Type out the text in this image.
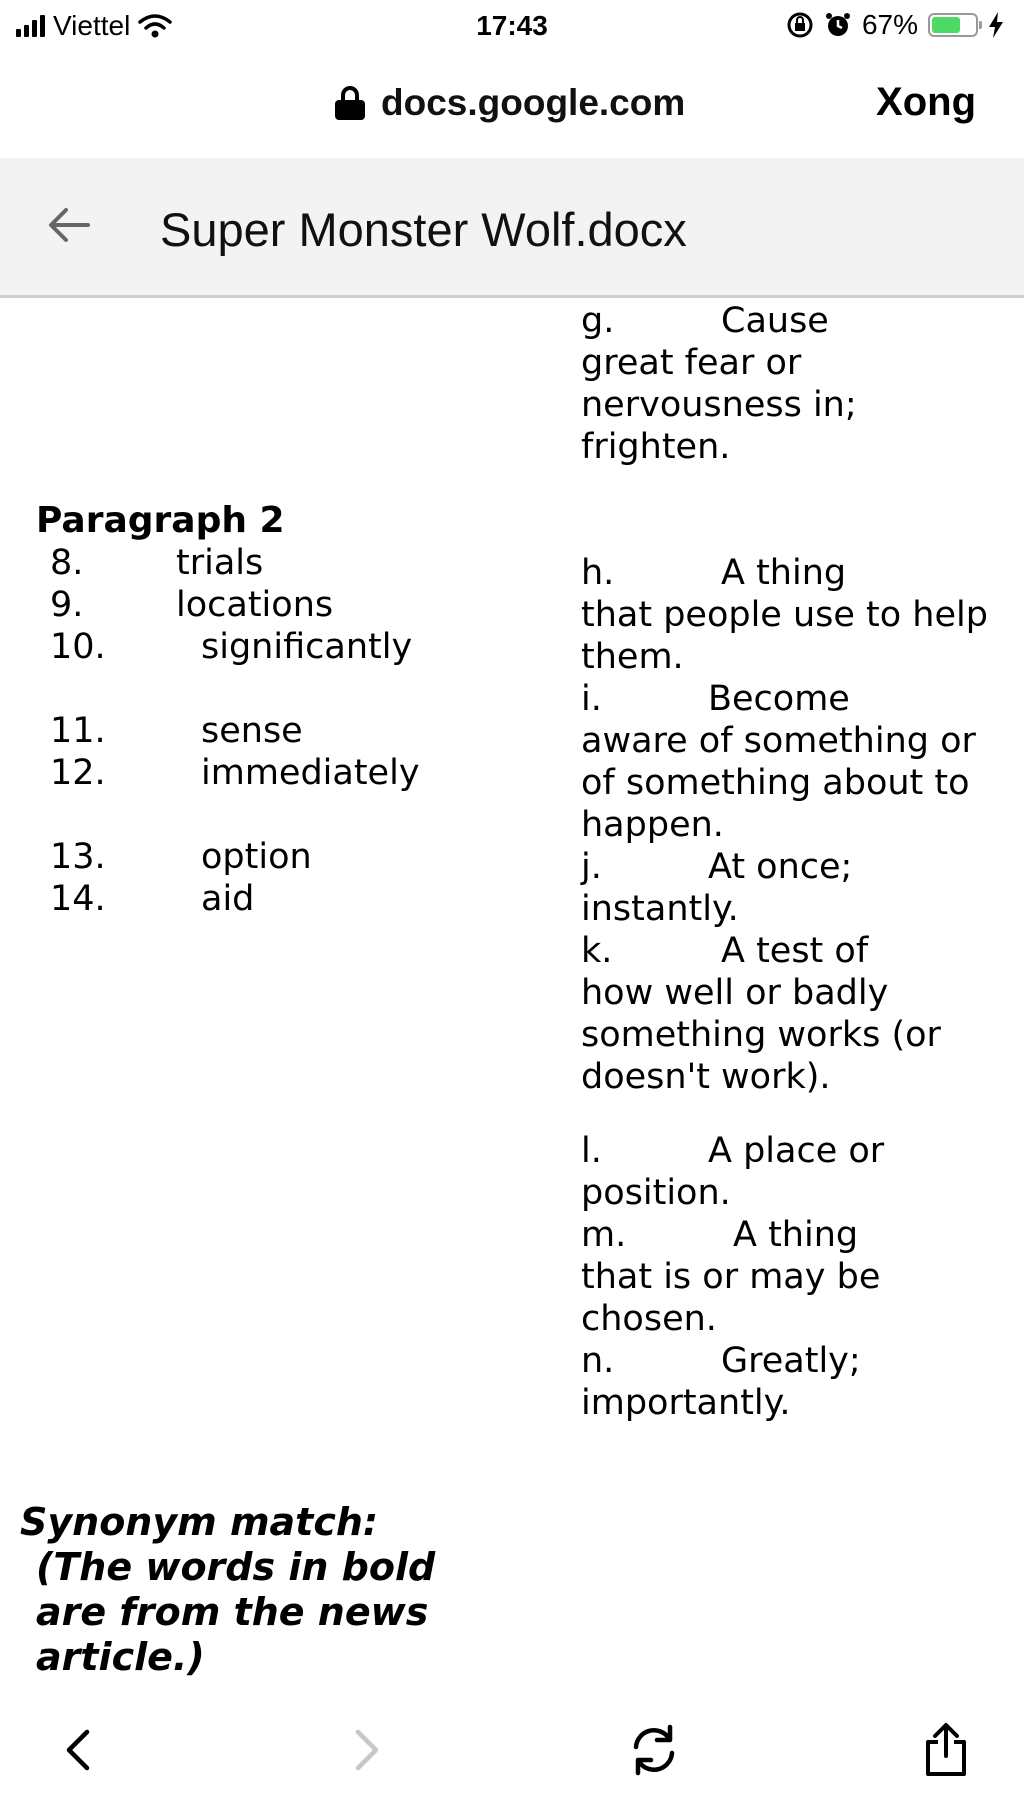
Viettel	17:43	67%
docs.google.com	Xong
Super Monster Wolf.docx
g.	Cause
great fear or nervousness in; frighten.
h.	A thing
that people use to help them.
i.	Become
aware of something or of something about to happen.
j.	At once;
instantly.
k.	A test of
how well or badly something works (or doesn't work).
l.	A place or
position.
m.	A thing
that is or may be chosen.
n.	Greatly;
importantly.
Paragraph 2
8.	trials
9.	locations
10.	significantly
11.	sense
12.	immediately
13.	option
14.	aid
Synonym match:
(The words in bold are from the news article.)
